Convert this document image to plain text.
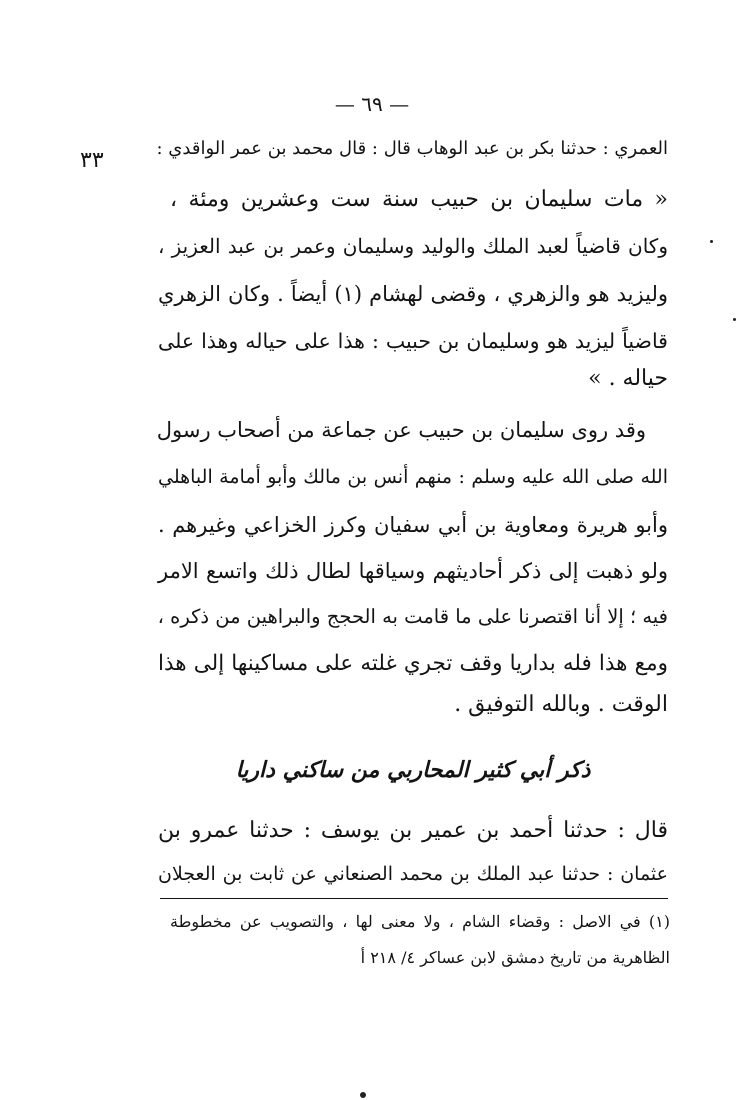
— ٦٩ —
٣٣	العمري : حدثنا بكر بن عبد الوهاب قال : قال محمد بن عمر الواقدي :
« مات سليمان بن حبيب سنة ست وعشرين ومئة ،
وكان قاضياً لعبد الملك والوليد وسليمان وعمر بن عبد العزيز ،
وليزيد هو والزهري ، وقضى لهشام (١) أيضاً . وكان الزهري
قاضياً ليزيد هو وسليمان بن حبيب : هذا على حياله وهذا على
حياله . »
وقد روى سليمان بن حبيب عن جماعة من أصحاب رسول
الله صلى الله عليه وسلم : منهم أنس بن مالك وأبو أمامة الباهلي
وأبو هريرة ومعاوية بن أبي سفيان وكرز الخزاعي وغيرهم .
ولو ذهبت إلى ذكر أحاديثهم وسياقها لطال ذلك واتسع الامر
فيه ؛ إلا أنا اقتصرنا على ما قامت به الحجج والبراهين من ذكره ،
ومع هذا فله بداريا وقف تجري غلته على مساكينها إلى هذا
الوقت . وبالله التوفيق .
ذكر أبي كثير المحاربي من ساكني داريا
قال : حدثنا أحمد بن عمير بن يوسف : حدثنا عمرو بن
عثمان : حدثنا عبد الملك بن محمد الصنعاني عن ثابت بن العجلان
(١) في الاصل : وقضاء الشام ، ولا معنى لها ، والتصويب عن مخطوطة
الظاهرية من تاريخ دمشق لابن عساكر ٤/ ٢١٨ أ
